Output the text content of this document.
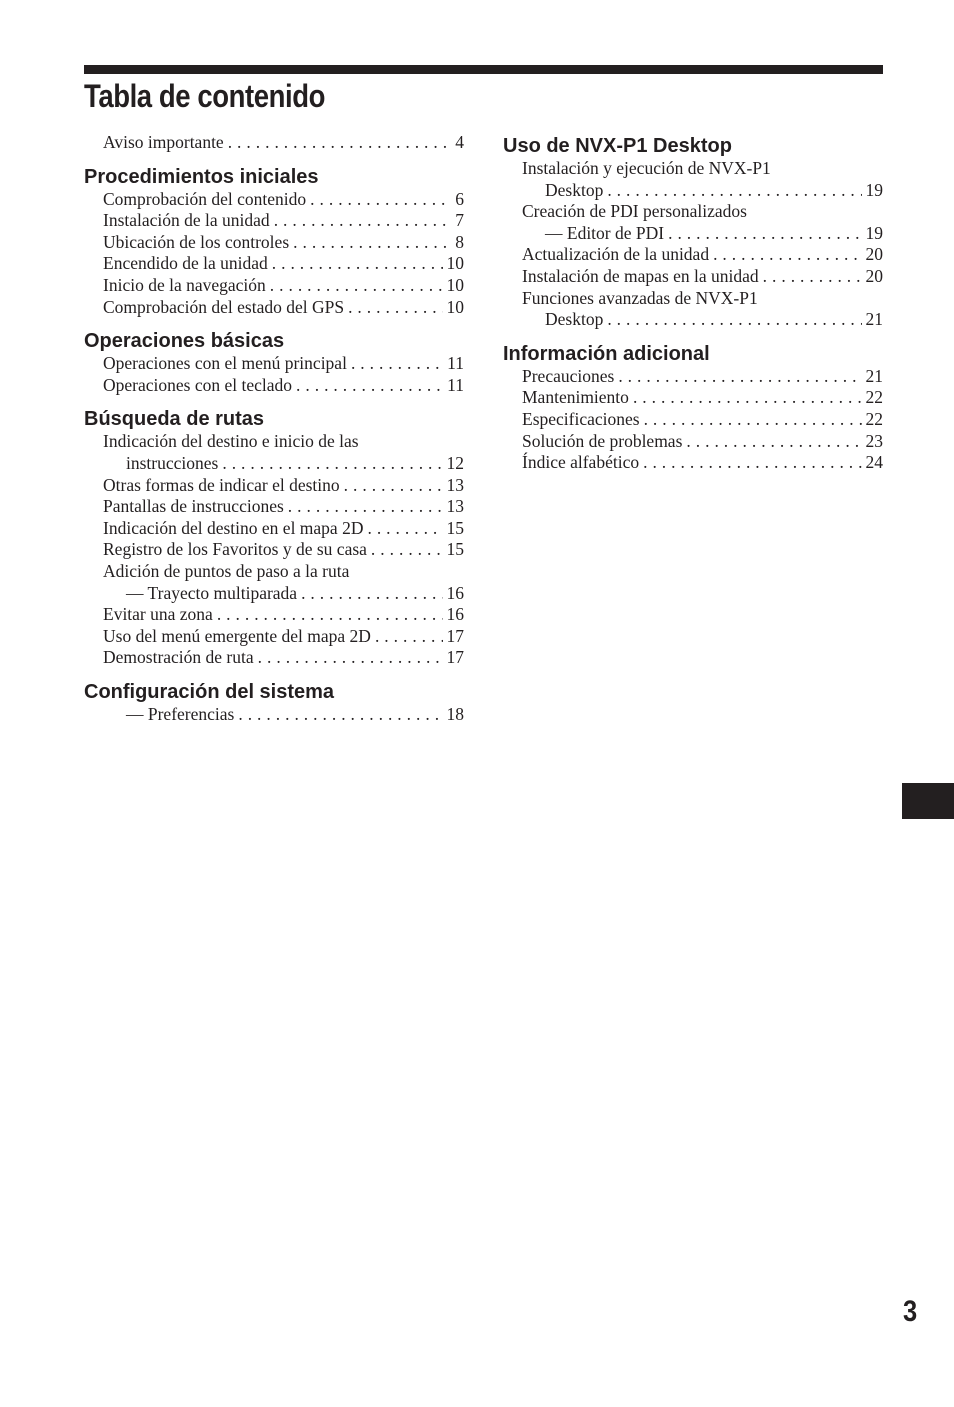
Tabla de contenido
Aviso importante . . .	4
Procedimientos iniciales
Comprobación del contenido . . .	6
Instalación de la unidad . . .	7
Ubicación de los controles . . .	8
Encendido de la unidad . . .	10
Inicio de la navegación . . .	10
Comprobación del estado del GPS . . .	10
Operaciones básicas
Operaciones con el menú principal . . .	11
Operaciones con el teclado . . .	11
Búsqueda de rutas
Indicación del destino e inicio de las
instrucciones . . .	12
Otras formas de indicar el destino . . .	13
Pantallas de instrucciones . . .	13
Indicación del destino en el mapa 2D . . .	15
Registro de los Favoritos y de su casa . . .	15
Adición de puntos de paso a la ruta
— Trayecto multiparada . . .	16
Evitar una zona . . .	16
Uso del menú emergente del mapa 2D . . .	17
Demostración de ruta . . .	17
Configuración del sistema
— Preferencias . . .	18
Uso de NVX-P1 Desktop
Instalación y ejecución de NVX-P1
Desktop . . .	19
Creación de PDI personalizados
— Editor de PDI . . .	19
Actualización de la unidad . . .	20
Instalación de mapas en la unidad . . .	20
Funciones avanzadas de NVX-P1
Desktop . . .	21
Información adicional
Precauciones . . .	21
Mantenimiento . . .	22
Especificaciones . . .	22
Solución de problemas . . .	23
Índice alfabético . . .	24
3
